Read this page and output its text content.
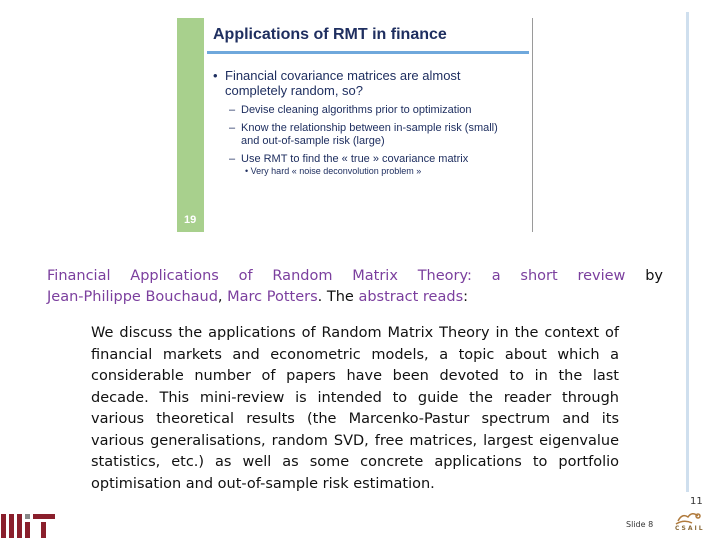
19
Applications of RMT in finance
• Financial covariance matrices are almost completely random, so?
– Devise cleaning algorithms prior to optimization
– Know the relationship between in-sample risk (small) and out-of-sample risk (large)
– Use RMT to find the « true » covariance matrix
• Very hard « noise deconvolution problem »
Financial Applications of Random Matrix Theory: a short review by
Jean-Philippe Bouchaud, Marc Potters. The abstract reads:
We discuss the applications of Random Matrix Theory in the context of financial markets and econometric models, a topic about which a considerable number of papers have been devoted to in the last decade. This mini-review is intended to guide the reader through various theoretical results (the Marcenko-Pastur spectrum and its various generalisations, random SVD, free matrices, largest eigenvalue statistics, etc.) as well as some concrete applications to portfolio optimisation and out-of-sample risk estimation.
11
Slide 8	CSAIL
